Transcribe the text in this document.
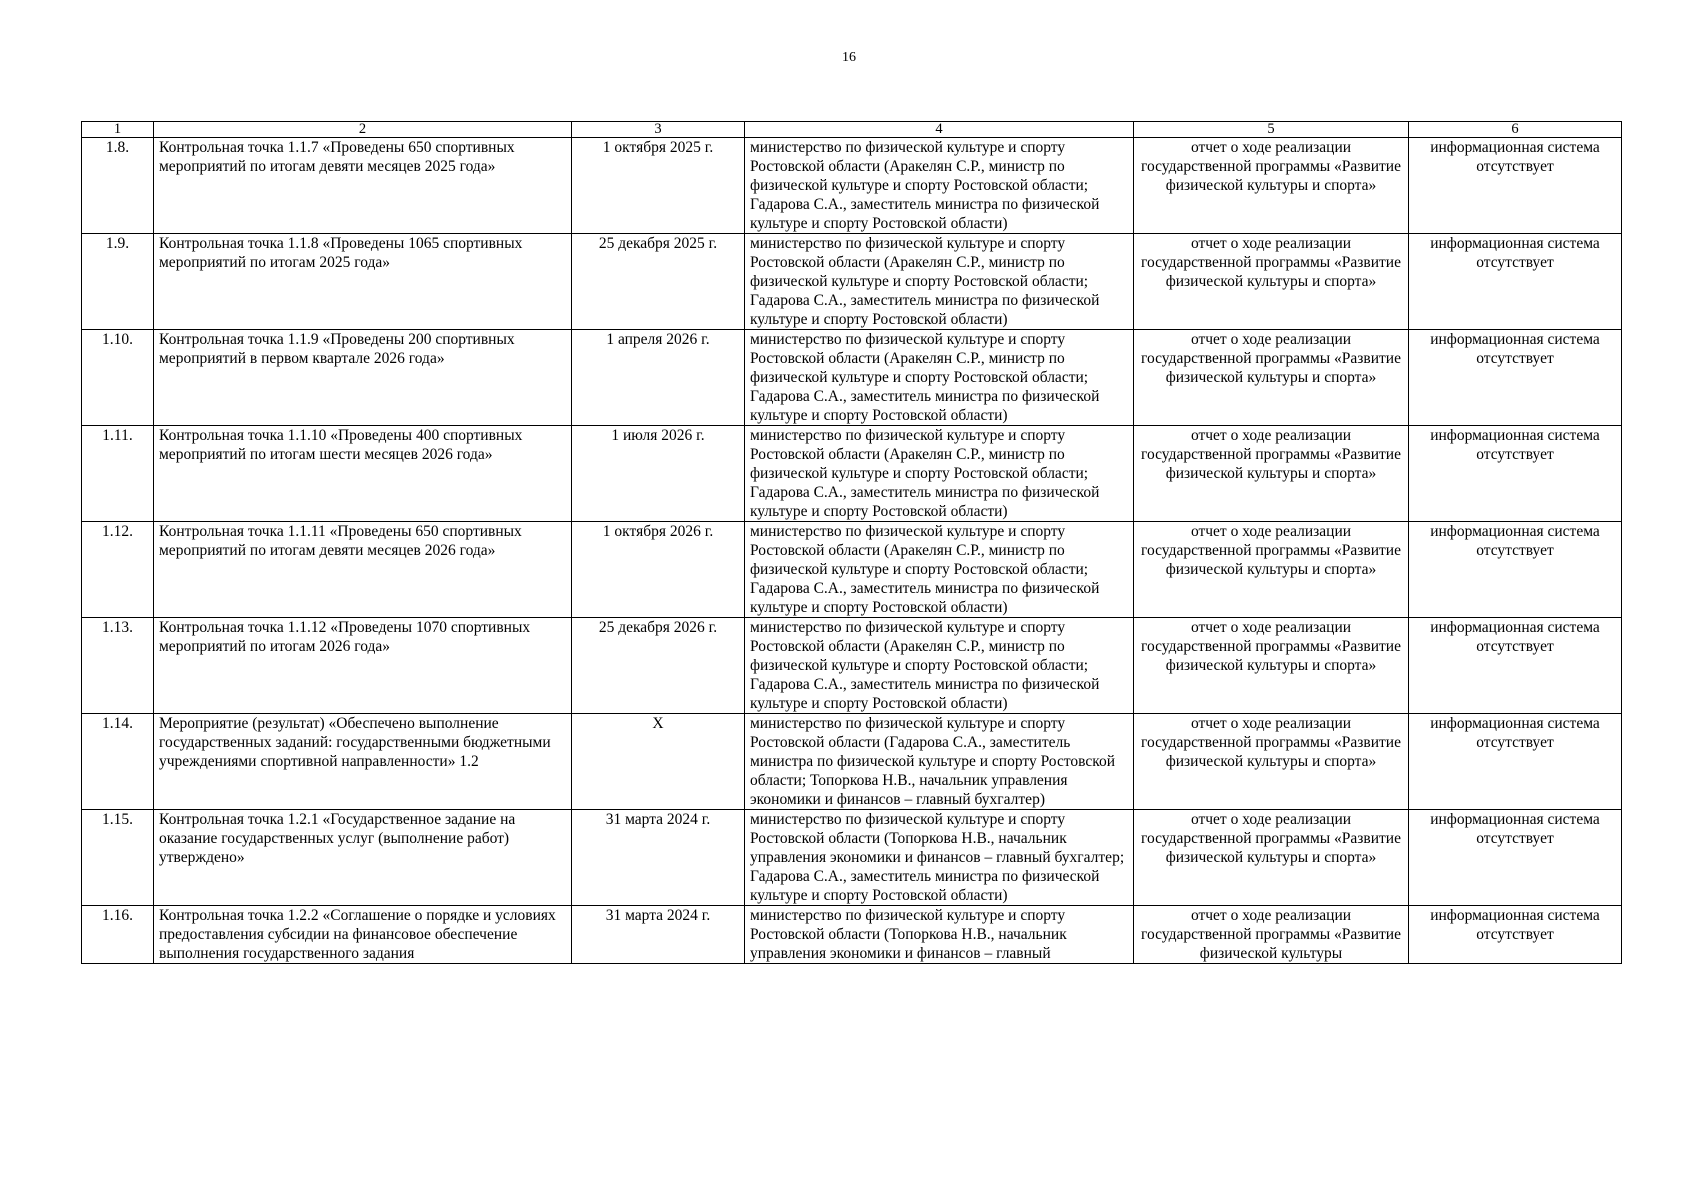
16
1	2	3	4	5	6
1.8.	Контрольная точка 1.1.7 «Проведены 650 спортивных мероприятий по итогам девяти месяцев 2025 года»	1 октября 2025 г.	министерство по физической культуре и спорту Ростовской области (Аракелян С.Р., министр по физической культуре и спорту Ростовской области; Гадарова С.А., заместитель министра по физической культуре и спорту Ростовской области)	отчет о ходе реализации государственной программы «Развитие физической культуры и спорта»	информационная система отсутствует
1.9.	Контрольная точка 1.1.8 «Проведены 1065 спортивных мероприятий по итогам 2025 года»	25 декабря 2025 г.	министерство по физической культуре и спорту Ростовской области (Аракелян С.Р., министр по физической культуре и спорту Ростовской области; Гадарова С.А., заместитель министра по физической культуре и спорту Ростовской области)	отчет о ходе реализации государственной программы «Развитие физической культуры и спорта»	информационная система отсутствует
1.10.	Контрольная точка 1.1.9 «Проведены 200 спортивных мероприятий в первом квартале 2026 года»	1 апреля 2026 г.	министерство по физической культуре и спорту Ростовской области (Аракелян С.Р., министр по физической культуре и спорту Ростовской области; Гадарова С.А., заместитель министра по физической культуре и спорту Ростовской области)	отчет о ходе реализации государственной программы «Развитие физической культуры и спорта»	информационная система отсутствует
1.11.	Контрольная точка 1.1.10 «Проведены 400 спортивных мероприятий по итогам шести месяцев 2026 года»	1 июля 2026 г.	министерство по физической культуре и спорту Ростовской области (Аракелян С.Р., министр по физической культуре и спорту Ростовской области; Гадарова С.А., заместитель министра по физической культуре и спорту Ростовской области)	отчет о ходе реализации государственной программы «Развитие физической культуры и спорта»	информационная система отсутствует
1.12.	Контрольная точка 1.1.11 «Проведены 650 спортивных мероприятий по итогам девяти месяцев 2026 года»	1 октября 2026 г.	министерство по физической культуре и спорту Ростовской области (Аракелян С.Р., министр по физической культуре и спорту Ростовской области; Гадарова С.А., заместитель министра по физической культуре и спорту Ростовской области)	отчет о ходе реализации государственной программы «Развитие физической культуры и спорта»	информационная система отсутствует
1.13.	Контрольная точка 1.1.12 «Проведены 1070 спортивных мероприятий по итогам 2026 года»	25 декабря 2026 г.	министерство по физической культуре и спорту Ростовской области (Аракелян С.Р., министр по физической культуре и спорту Ростовской области; Гадарова С.А., заместитель министра по физической культуре и спорту Ростовской области)	отчет о ходе реализации государственной программы «Развитие физической культуры и спорта»	информационная система отсутствует
1.14.	Мероприятие (результат) «Обеспечено выполнение государственных заданий: государственными бюджетными учреждениями спортивной направленности» 1.2	X	министерство по физической культуре и спорту Ростовской области (Гадарова С.А., заместитель министра по физической культуре и спорту Ростовской области; Топоркова Н.В., начальник управления экономики и финансов – главный бухгалтер)	отчет о ходе реализации государственной программы «Развитие физической культуры и спорта»	информационная система отсутствует
1.15.	Контрольная точка 1.2.1 «Государственное задание на оказание государственных услуг (выполнение работ) утверждено»	31 марта 2024 г.	министерство по физической культуре и спорту Ростовской области (Топоркова Н.В., начальник управления экономики и финансов – главный бухгалтер; Гадарова С.А., заместитель министра по физической культуре и спорту Ростовской области)	отчет о ходе реализации государственной программы «Развитие физической культуры и спорта»	информационная система отсутствует

1.16.	Контрольная точка 1.2.2 «Соглашение о порядке и условиях предоставления субсидии на финансовое обеспечение выполнения государственного задания	31 марта 2024 г.	министерство по физической культуре и спорту Ростовской области (Топоркова Н.В., начальник управления экономики и финансов – главный	отчет о ходе реализации государственной программы «Развитие физической культуры	информационная система отсутствует
